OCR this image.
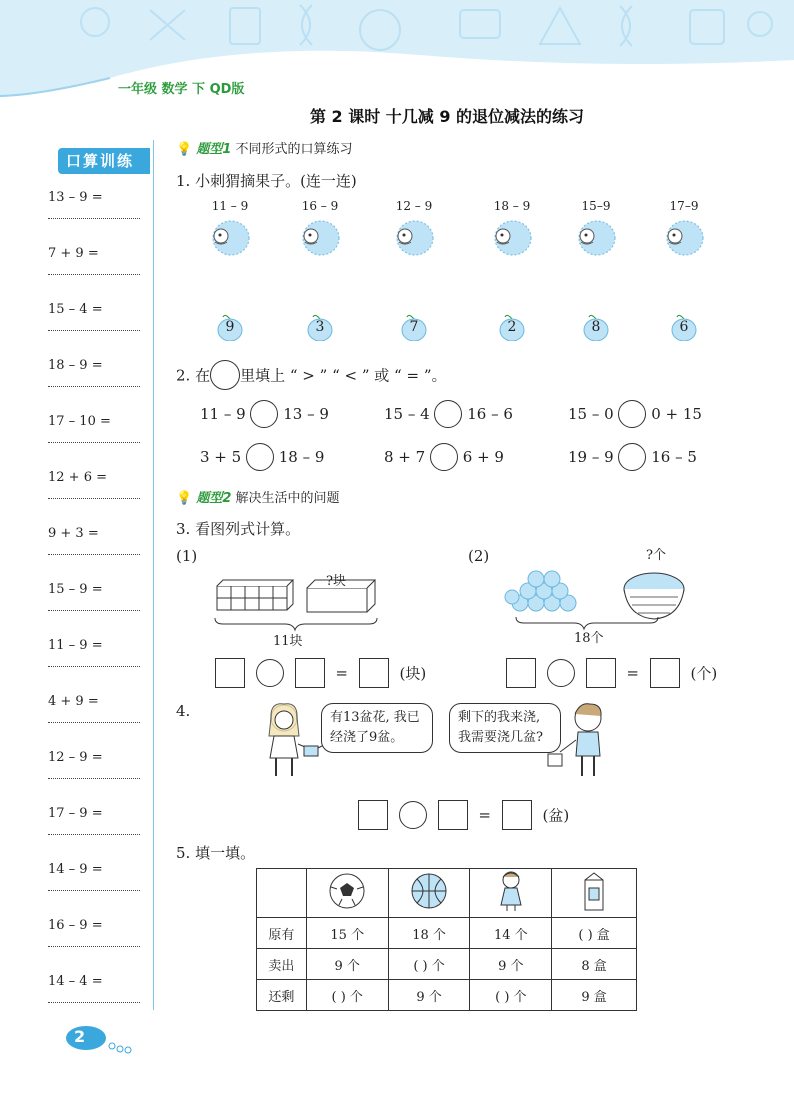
一年级 数学 下 QD版
第 2 课时 十几减 9 的退位减法的练习
口算训练
13 – 9 =
7 + 9 =
15 – 4 =
18 – 9 =
17 – 10 =
12 + 6 =
9 + 3 =
15 – 9 =
11 – 9 =
4 + 9 =
12 – 9 =
17 – 9 =
14 – 9 =
16 – 9 =
14 – 4 =
💡 题型1 不同形式的口算练习
1. 小刺猬摘果子。(连一连)
11 – 9
9
16 – 9
3
12 – 9
7
18 – 9
2
15–9
8
17–9
6
2. 在 里填上 “ > ” “ < ” 或 “ = ”。
11 – 9	13 – 9	15 – 4	16 – 6	15 – 0	0 + 15
3 + 5	18 – 9	8 + 7	6 + 9	19 – 9	16 – 5
💡 题型2 解决生活中的问题
3. 看图列式计算。
(1)	(2)
?块
11块
?个
18个
=	(块)	=	(个)
4.	有13盆花, 我已
经浇了9盆。
剩下的我来浇,
我需要浇几盆?
=	(盆)
5. 填一填。

原有	15 个	18 个	14 个	( ) 盒
卖出	9 个	( ) 个	9 个	8 盒
还剩	( ) 个	9 个	( ) 个	9 盒
2
